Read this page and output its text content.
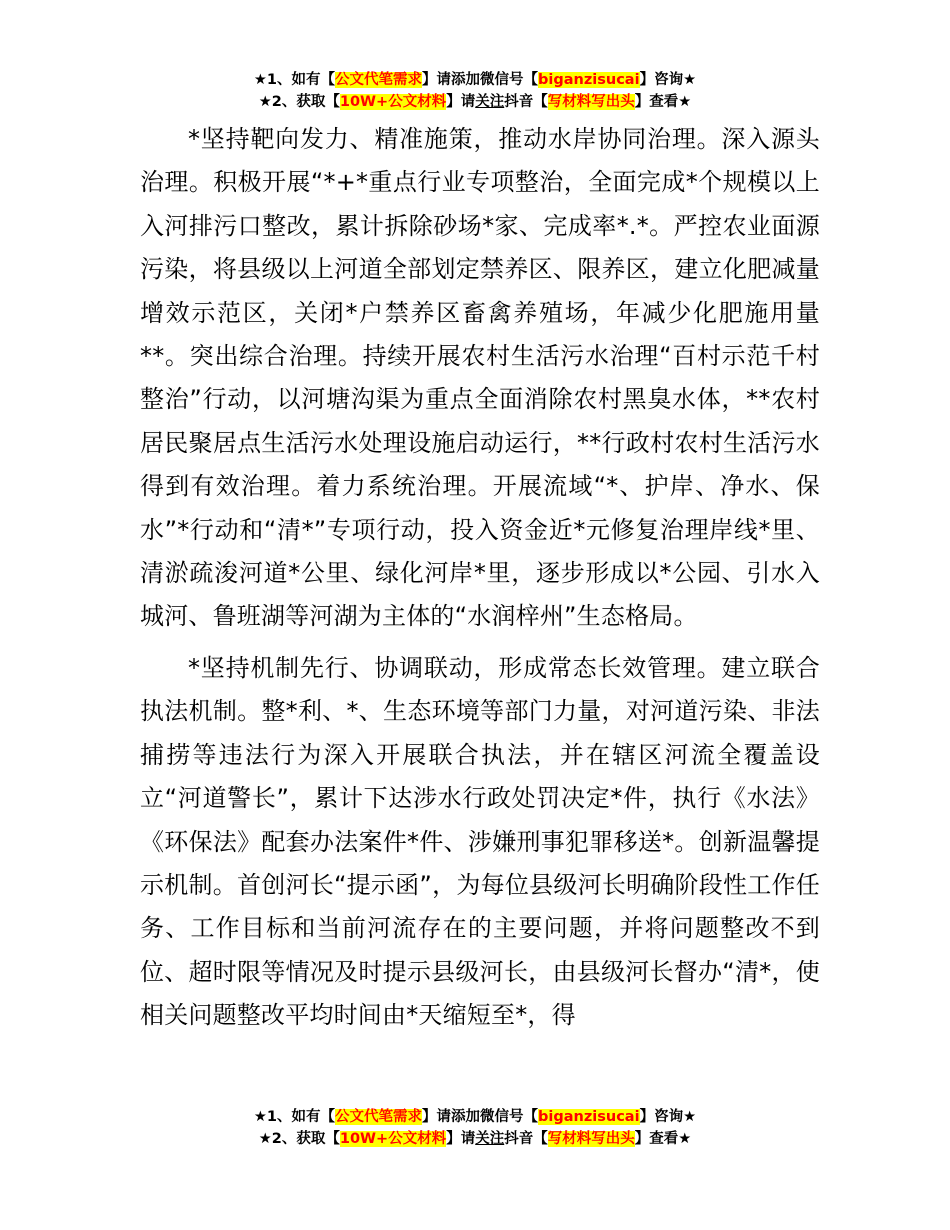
★1、如有【公文代笔需求】请添加微信号【biganzisucai】咨询★
★2、获取【10W+公文材料】请关注抖音【写材料写出头】查看★

*坚持靶向发力、精准施策，推动水岸协同治理。深入源头治理。积极开展“*+*重点行业专项整治，全面完成*个规模以上入河排污口整改，累计拆除砂场*家、完成率*.*。严控农业面源污染，将县级以上河道全部划定禁养区、限养区，建立化肥减量增效示范区，关闭*户禁养区畜禽养殖场，年减少化肥施用量**。突出综合治理。持续开展农村生活污水治理“百村示范千村整治”行动，以河塘沟渠为重点全面消除农村黑臭水体，**农村居民聚居点生活污水处理设施启动运行，**行政村农村生活污水得到有效治理。着力系统治理。开展流域“*、护岸、净水、保水”*行动和“清*”专项行动，投入资金近*元修复治理岸线*里、清淤疏浚河道*公里、绿化河岸*里，逐步形成以*公园、引水入城河、鲁班湖等河湖为主体的“水润梓州”生态格局。

*坚持机制先行、协调联动，形成常态长效管理。建立联合执法机制。整*利、*、生态环境等部门力量，对河道污染、非法捕捞等违法行为深入开展联合执法，并在辖区河流全覆盖设立“河道警长”，累计下达涉水行政处罚决定*件，执行《水法》《环保法》配套办法案件*件、涉嫌刑事犯罪移送*。创新温馨提示机制。首创河长“提示函”，为每位县级河长明确阶段性工作任务、工作目标和当前河流存在的主要问题，并将问题整改不到位、超时限等情况及时提示县级河长，由县级河长督办“清*，使相关问题整改平均时间由*天缩短至*，得

★1、如有【公文代笔需求】请添加微信号【biganzisucai】咨询★
★2、获取【10W+公文材料】请关注抖音【写材料写出头】查看★
